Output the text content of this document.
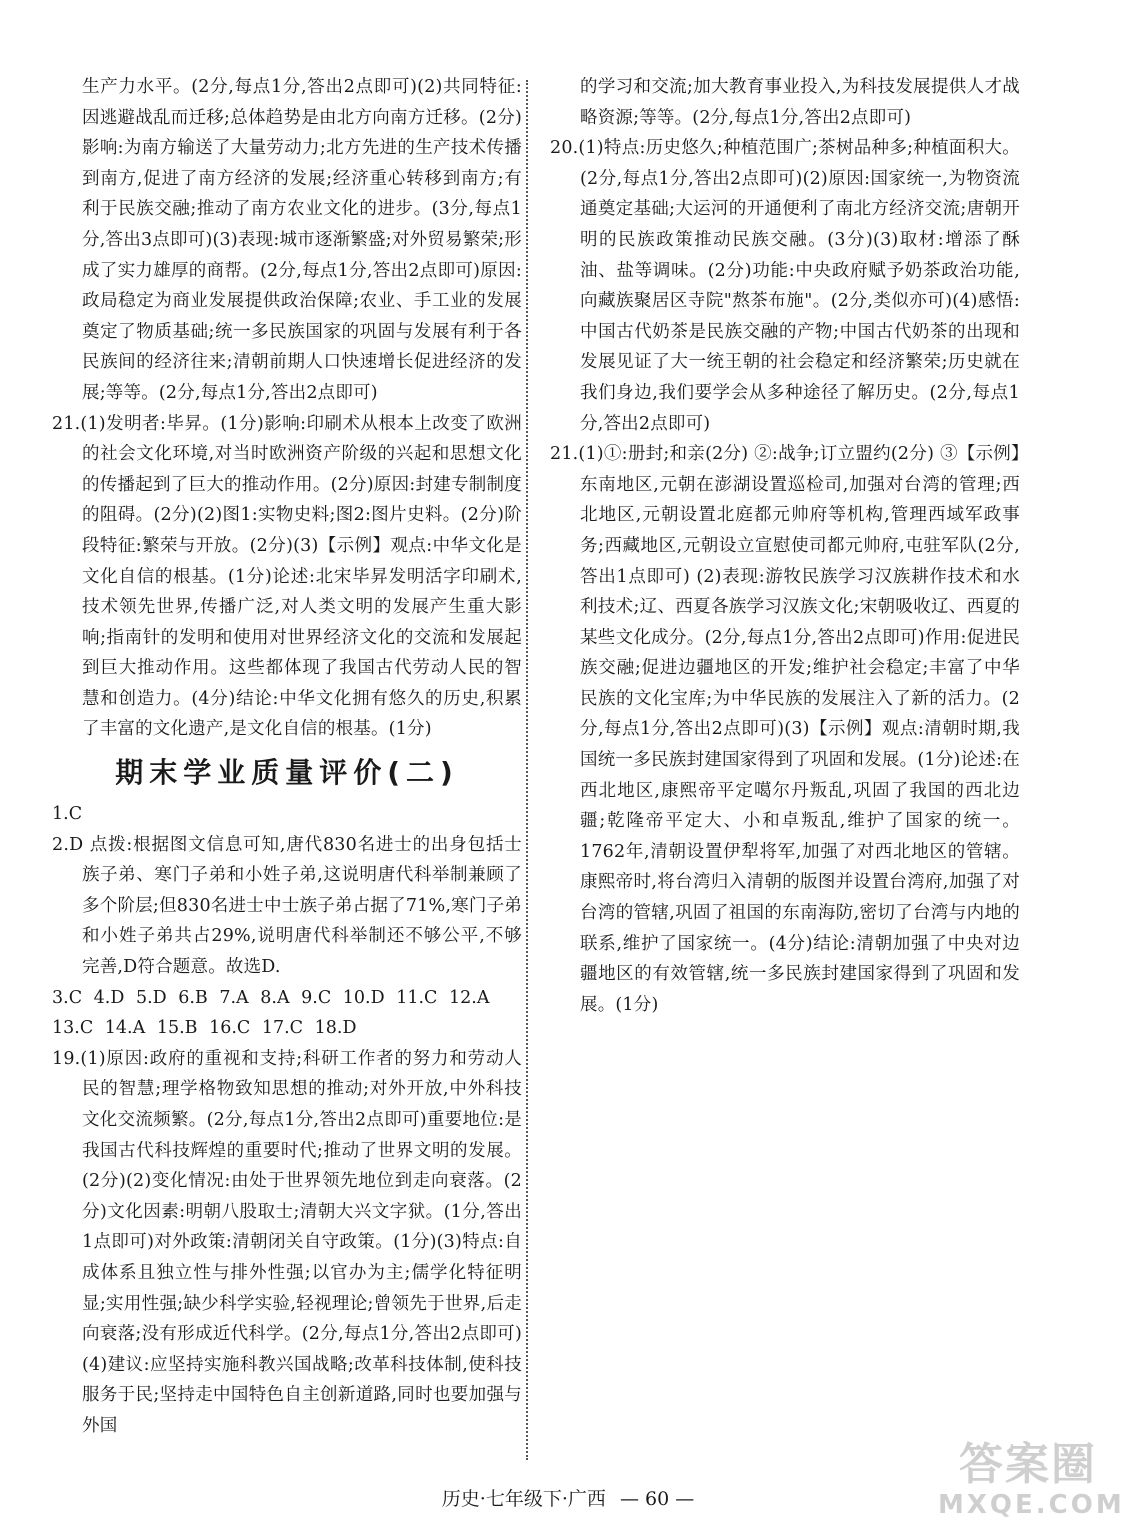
生产力水平。(2分,每点1分,答出2点即可)(2)共同特征:因逃避战乱而迁移;总体趋势是由北方向南方迁移。(2分)影响:为南方输送了大量劳动力;北方先进的生产技术传播到南方,促进了南方经济的发展;经济重心转移到南方;有利于民族交融;推动了南方农业文化的进步。(3分,每点1分,答出3点即可)(3)表现:城市逐渐繁盛;对外贸易繁荣;形成了实力雄厚的商帮。(2分,每点1分,答出2点即可)原因:政局稳定为商业发展提供政治保障;农业、手工业的发展奠定了物质基础;统一多民族国家的巩固与发展有利于各民族间的经济往来;清朝前期人口快速增长促进经济的发展;等等。(2分,每点1分,答出2点即可)

21.(1)发明者:毕昇。(1分)影响:印刷术从根本上改变了欧洲的社会文化环境,对当时欧洲资产阶级的兴起和思想文化的传播起到了巨大的推动作用。(2分)原因:封建专制制度的阻碍。(2分)(2)图1:实物史料;图2:图片史料。(2分)阶段特征:繁荣与开放。(2分)(3)【示例】观点:中华文化是文化自信的根基。(1分)论述:北宋毕昇发明活字印刷术,技术领先世界,传播广泛,对人类文明的发展产生重大影响;指南针的发明和使用对世界经济文化的交流和发展起到巨大推动作用。这些都体现了我国古代劳动人民的智慧和创造力。(4分)结论:中华文化拥有悠久的历史,积累了丰富的文化遗产,是文化自信的根基。(1分)

期末学业质量评价(二)

1.C

2.D 点拨:根据图文信息可知,唐代830名进士的出身包括士族子弟、寒门子弟和小姓子弟,这说明唐代科举制兼顾了多个阶层;但830名进士中士族子弟占据了71%,寒门子弟和小姓子弟共占29%,说明唐代科举制还不够公平,不够完善,D符合题意。故选D.

3.C 4.D 5.D 6.B 7.A 8.A 9.C 10.D 11.C 12.A

13.C 14.A 15.B 16.C 17.C 18.D

19.(1)原因:政府的重视和支持;科研工作者的努力和劳动人民的智慧;理学格物致知思想的推动;对外开放,中外科技文化交流频繁。(2分,每点1分,答出2点即可)重要地位:是我国古代科技辉煌的重要时代;推动了世界文明的发展。(2分)(2)变化情况:由处于世界领先地位到走向衰落。(2分)文化因素:明朝八股取士;清朝大兴文字狱。(1分,答出1点即可)对外政策:清朝闭关自守政策。(1分)(3)特点:自成体系且独立性与排外性强;以官办为主;儒学化特征明显;实用性强;缺少科学实验,轻视理论;曾领先于世界,后走向衰落;没有形成近代科学。(2分,每点1分,答出2点即可)(4)建议:应坚持实施科教兴国战略;改革科技体制,使科技服务于民;坚持走中国特色自主创新道路,同时也要加强与外国

的学习和交流;加大教育事业投入,为科技发展提供人才战略资源;等等。(2分,每点1分,答出2点即可)

20.(1)特点:历史悠久;种植范围广;茶树品种多;种植面积大。(2分,每点1分,答出2点即可)(2)原因:国家统一,为物资流通奠定基础;大运河的开通便利了南北方经济交流;唐朝开明的民族政策推动民族交融。(3分)(3)取材:增添了酥油、盐等调味。(2分)功能:中央政府赋予奶茶政治功能,向藏族聚居区寺院"熬茶布施"。(2分,类似亦可)(4)感悟:中国古代奶茶是民族交融的产物;中国古代奶茶的出现和发展见证了大一统王朝的社会稳定和经济繁荣;历史就在我们身边,我们要学会从多种途径了解历史。(2分,每点1分,答出2点即可)

21.(1)①:册封;和亲(2分) ②:战争;订立盟约(2分) ③【示例】东南地区,元朝在澎湖设置巡检司,加强对台湾的管理;西北地区,元朝设置北庭都元帅府等机构,管理西域军政事务;西藏地区,元朝设立宣慰使司都元帅府,屯驻军队(2分,答出1点即可) (2)表现:游牧民族学习汉族耕作技术和水利技术;辽、西夏各族学习汉族文化;宋朝吸收辽、西夏的某些文化成分。(2分,每点1分,答出2点即可)作用:促进民族交融;促进边疆地区的开发;维护社会稳定;丰富了中华民族的文化宝库;为中华民族的发展注入了新的活力。(2分,每点1分,答出2点即可)(3)【示例】观点:清朝时期,我国统一多民族封建国家得到了巩固和发展。(1分)论述:在西北地区,康熙帝平定噶尔丹叛乱,巩固了我国的西北边疆;乾隆帝平定大、小和卓叛乱,维护了国家的统一。1762年,清朝设置伊犁将军,加强了对西北地区的管辖。康熙帝时,将台湾归入清朝的版图并设置台湾府,加强了对台湾的管辖,巩固了祖国的东南海防,密切了台湾与内地的联系,维护了国家统一。(4分)结论:清朝加强了中央对边疆地区的有效管辖,统一多民族封建国家得到了巩固和发展。(1分)

历史·七年级下·广西 — 60 —
答案圈
MXQE.COM
